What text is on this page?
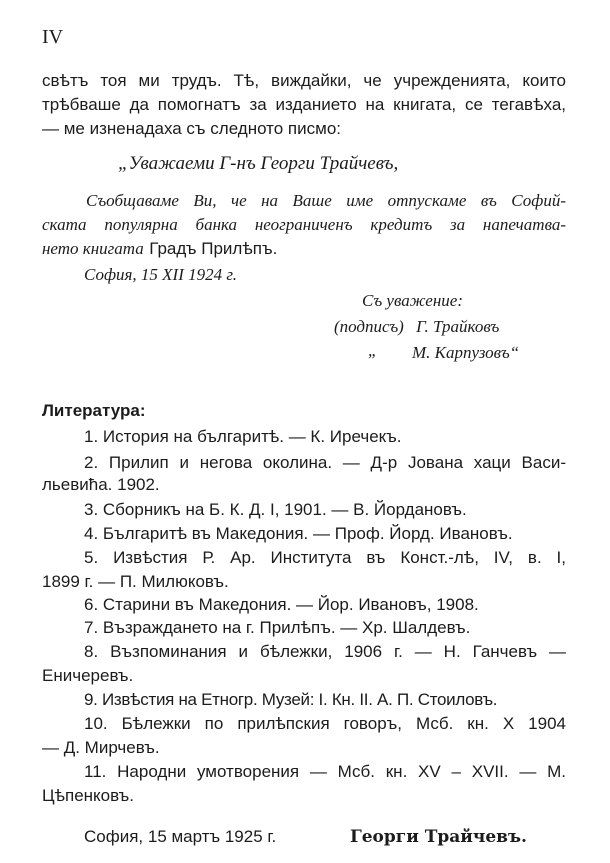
IV
свѣтъ тоя ми трудъ. Тѣ, виждайки, че учрежденията, които
трѣбваше да помогнатъ за изданието на книгата, се тегавѣха,
— ме изненадаха съ следното писмо:
„Уважаеми Г-нъ Георги Трайчевъ,
Съобщаваме Ви, че на Ваше име отпускаме въ Софий-
ската популярна банка неограниченъ кредитъ за напечатва-
нето книгата Градъ Прилѣпъ.
София, 15 XII 1924 г.
Съ уважение:
(подписъ) Г. Трайковъ
„ М. Карпузовъ“
Литература:
1. История на българитѣ. — К. Иречекъ.
2. Прилип и негова околина. — Д-р Јована хаци Васи-
льевића. 1902.
3. Сборникъ на Б. К. Д. I, 1901. — В. Йордановъ.
4. Българитѣ въ Македония. — Проф. Йорд. Ивановъ.
5. Извѣстия Р. Ар. Института въ Конст.-лѣ, IV, в. I,
1899 г. — П. Милюковъ.
6. Старини въ Македония. — Йор. Ивановъ, 1908.
7. Възраждането на г. Прилѣпъ. — Хр. Шалдевъ.
8. Възпоминания и бѣлежки, 1906 г. — Н. Ганчевъ —
Еничеревъ.
9. Извѣстия на Етногр. Музей: I. Кн. II. А. П. Стоиловъ.
10. Бѣлежки по прилѣпския говоръ, Мсб. кн. X 1904
— Д. Мирчевъ.
11. Народни умотворения — Мсб. кн. XV – XVII. — М.
Цѣпенковъ.
София, 15 мартъ 1925 г.	Георги Трайчевъ.
